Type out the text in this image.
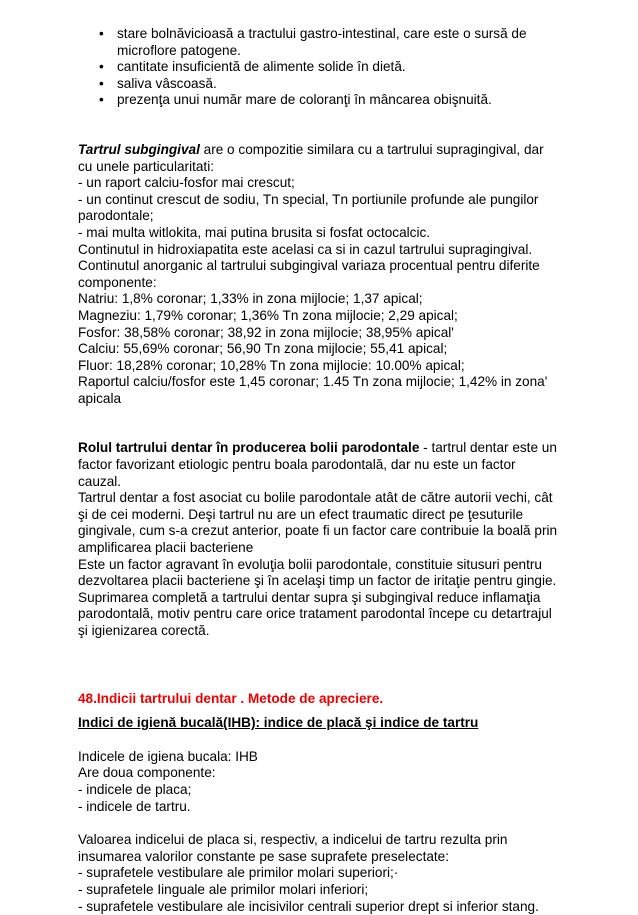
• stare bolnăvicioasă a tractului gastro-intestinal, care este o sursă de microflore patogene.
• cantitate insuficientă de alimente solide în dietă.
• saliva vâscoasă.
• prezenţa unui număr mare de coloranţi în mâncarea obişnuită.

Tartrul subgingival are o compozitie similara cu a tartrului supragingival, dar cu unele particularitati:

- un raport calciu-fosfor mai crescut;

- un continut crescut de sodiu, Tn special, Tn portiunile profunde ale pungilor parodontale;

- mai multa witlokita, mai putina brusita si fosfat octocalcic.

Continutul in hidroxiapatita este acelasi ca si in cazul tartrului supragingival.

Continutul anorganic al tartrului subgingival variaza procentual pentru diferite componente:

Natriu: 1,8% coronar; 1,33% in zona mijlocie; 1,37 apical;

Magneziu: 1,79% coronar; 1,36% Tn zona mijlocie; 2,29 apical;

Fosfor: 38,58% coronar; 38,92 in zona mijlocie; 38,95% apical'

Calciu: 55,69% coronar; 56,90 Tn zona mijlocie; 55,41 apical;

Fluor: 18,28% coronar; 10,28% Tn zona mijlocie: 10.00% apical;

Raportul calciu/fosfor este 1,45 coronar; 1.45 Tn zona mijlocie; 1,42% in zona' apicala

Rolul tartrului dentar în producerea bolii parodontale - tartrul dentar este un factor favorizant etiologic pentru boala parodontală, dar nu este un factor cauzal.

Tartrul dentar a fost asociat cu bolile parodontale atât de către autorii vechi, cât şi de cei moderni. Deşi tartrul nu are un efect traumatic direct pe ţesuturile gingivale, cum s-a crezut anterior, poate fi un factor care contribuie la boală prin amplificarea placii bacteriene

Este un factor agravant în evoluţia bolii parodontale, constituie situsuri pentru dezvoltarea placii bacteriene şi în acelaşi timp un factor de iritaţie pentru gingie. Suprimarea completă a tartrului dentar supra şi subgingival reduce inflamaţia parodontală, motiv pentru care orice tratament parodontal începe cu detartrajul şi igienizarea corectă.

48.Indicii tartrului dentar . Metode de apreciere.

Indici de igienă bucală(IHB): indice de placă şi indice de tartru

Indicele de igiena bucala: IHB

Are doua componente:

- indicele de placa;

- indicele de tartru.

Valoarea indicelui de placa si, respectiv, a indicelui de tartru rezulta prin insumarea valorilor constante pe sase suprafete preselectate:

- suprafetele vestibulare ale primilor molari superiori;·

- suprafetele Iinguale ale primilor molari inferiori;

- suprafetele vestibulare ale incisivilor centrali superior drept si inferior stang.
